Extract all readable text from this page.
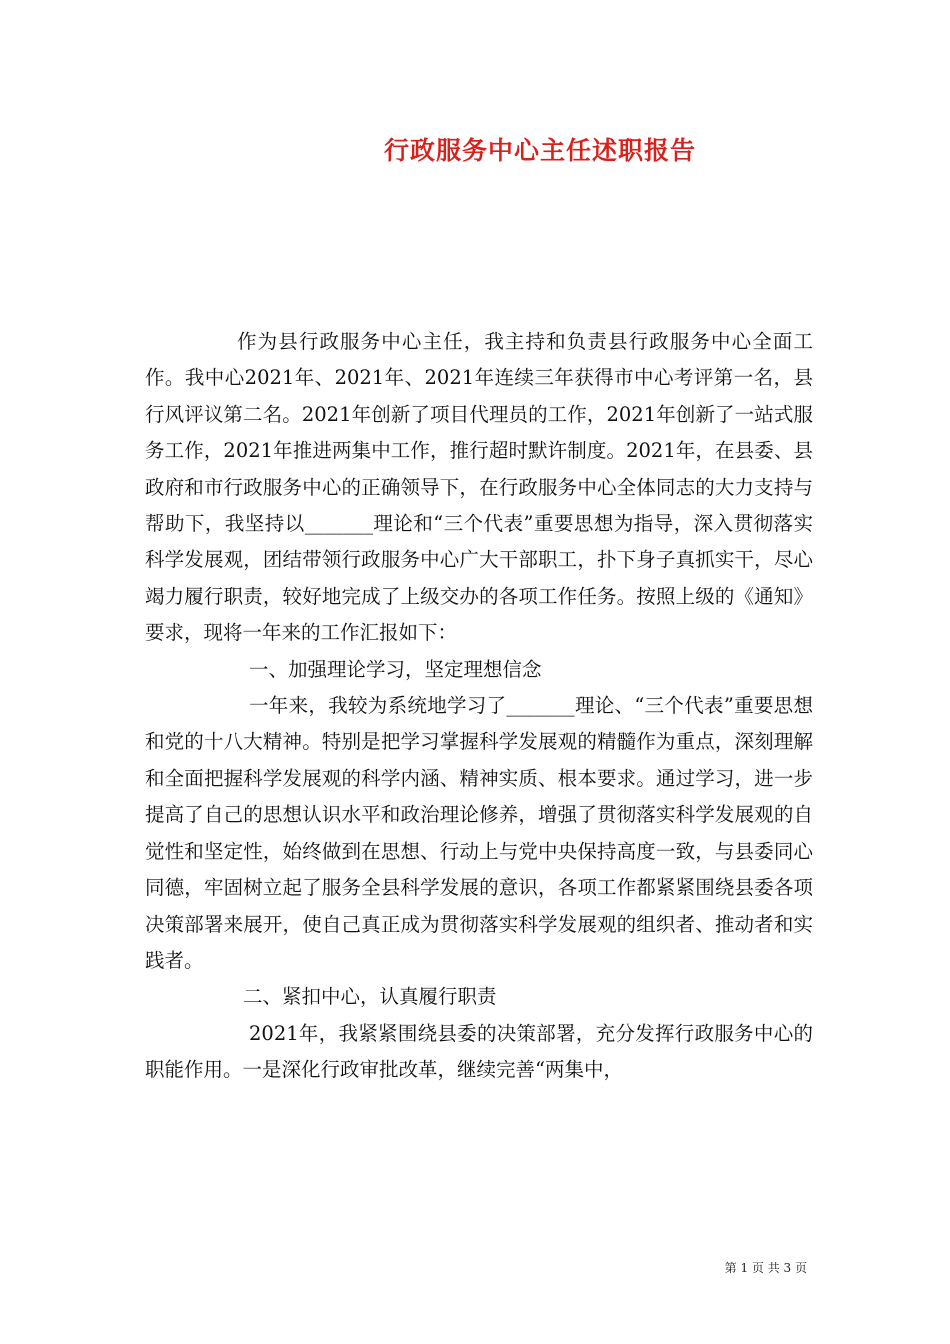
行政服务中心主任述职报告

作为县行政服务中心主任，我主持和负责县行政服务中心全面工作。我中心2021年、2021年、2021年连续三年获得市中心考评第一名，县行风评议第二名。2021年创新了项目代理员的工作，2021年创新了一站式服务工作，2021年推进两集中工作，推行超时默许制度。2021年，在县委、县政府和市行政服务中心的正确领导下，在行政服务中心全体同志的大力支持与帮助下，我坚持以_______理论和“三个代表”重要思想为指导，深入贯彻落实科学发展观，团结带领行政服务中心广大干部职工，扑下身子真抓实干，尽心竭力履行职责，较好地完成了上级交办的各项工作任务。按照上级的《通知》要求，现将一年来的工作汇报如下：

一、加强理论学习，坚定理想信念

一年来，我较为系统地学习了_______理论、“三个代表”重要思想和党的十八大精神。特别是把学习掌握科学发展观的精髓作为重点，深刻理解和全面把握科学发展观的科学内涵、精神实质、根本要求。通过学习，进一步提高了自己的思想认识水平和政治理论修养，增强了贯彻落实科学发展观的自觉性和坚定性，始终做到在思想、行动上与党中央保持高度一致，与县委同心同德，牢固树立起了服务全县科学发展的意识，各项工作都紧紧围绕县委各项决策部署来展开，使自己真正成为贯彻落实科学发展观的组织者、推动者和实践者。

二、紧扣中心，认真履行职责

2021年，我紧紧围绕县委的决策部署，充分发挥行政服务中心的职能作用。一是深化行政审批改革，继续完善“两集中，

第 1 页 共 3 页
